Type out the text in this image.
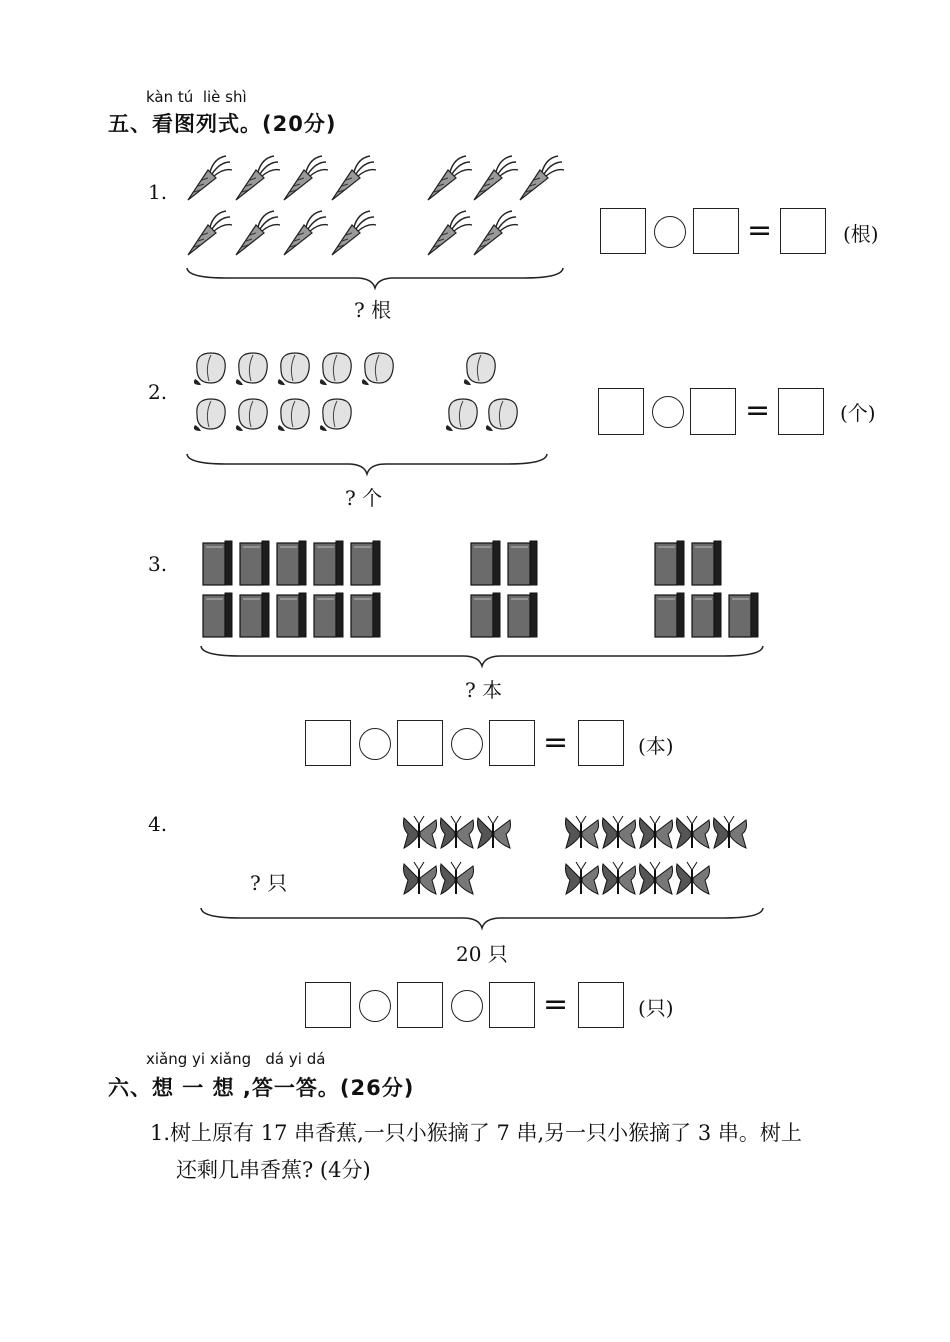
kàn tú  liè shì
五、看图列式。(20分)
1.
? 根
=	(根)
2.
? 个
=	(个)
3.
? 本
=	(本)
4.
? 只
20 只
=	(只)
xiǎng yi xiǎng   dá yi dá
六、想 一 想 ,答一答。(26分)
1.树上原有 17 串香蕉,一只小猴摘了 7 串,另一只小猴摘了 3 串。树上
还剩几串香蕉? (4分)
